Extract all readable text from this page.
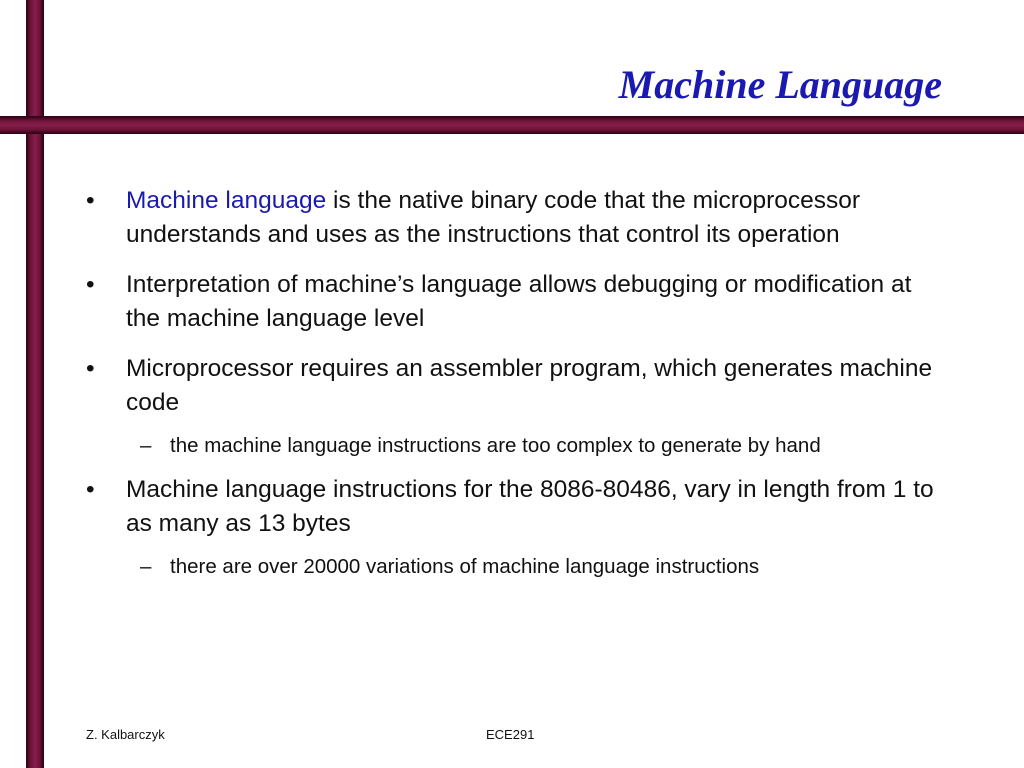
Machine Language
• Machine language is the native binary code that the microprocessor understands and uses as the instructions that control its operation
• Interpretation of machine’s language allows debugging or modification at the machine language level
• Microprocessor requires an assembler program, which generates machine code
– the machine language instructions are too complex to generate by hand
• Machine language instructions for the 8086-80486, vary in length from 1 to as many as 13 bytes
– there are over 20000 variations of machine language instructions
Z. Kalbarczyk	ECE291
